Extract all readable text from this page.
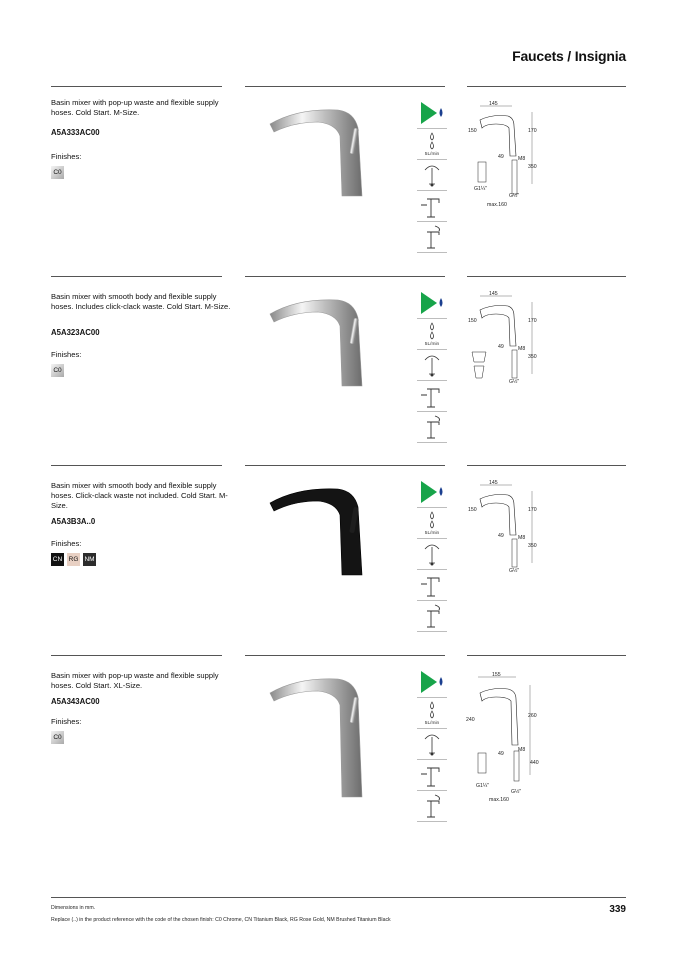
Faucets / Insignia
Basin mixer with pop-up waste and flexible supply hoses. Cold Start. M-Size.
A5A333AC00
Finishes:
C0
5L/min
145
170
150
49	M8
350
G1¼"
G½"
max.160
Basin mixer with smooth body and flexible supply hoses. Includes click-clack waste. Cold Start. M-Size.
A5A323AC00
Finishes:
C0
5L/min
145
170
150
49	M8
350
G½"
Basin mixer with smooth body and flexible supply hoses. Click-clack waste not included. Cold Start. M-Size.
A5A3B3A..0
Finishes:
CN RG NM
5L/min
145
170
150
49	M8
350
G½"
Basin mixer with pop-up waste and flexible supply hoses. Cold Start. XL-Size.
A5A343AC00
Finishes:
C0
5L/min
155
260
240
49
M8
440
G1¼"
G½"
max.160
Dimensions in mm.
Replace (..) in the product reference with the code of the chosen finish: C0 Chrome, CN Titanium Black, RG Rose Gold, NM Brushed Titanium Black
339
